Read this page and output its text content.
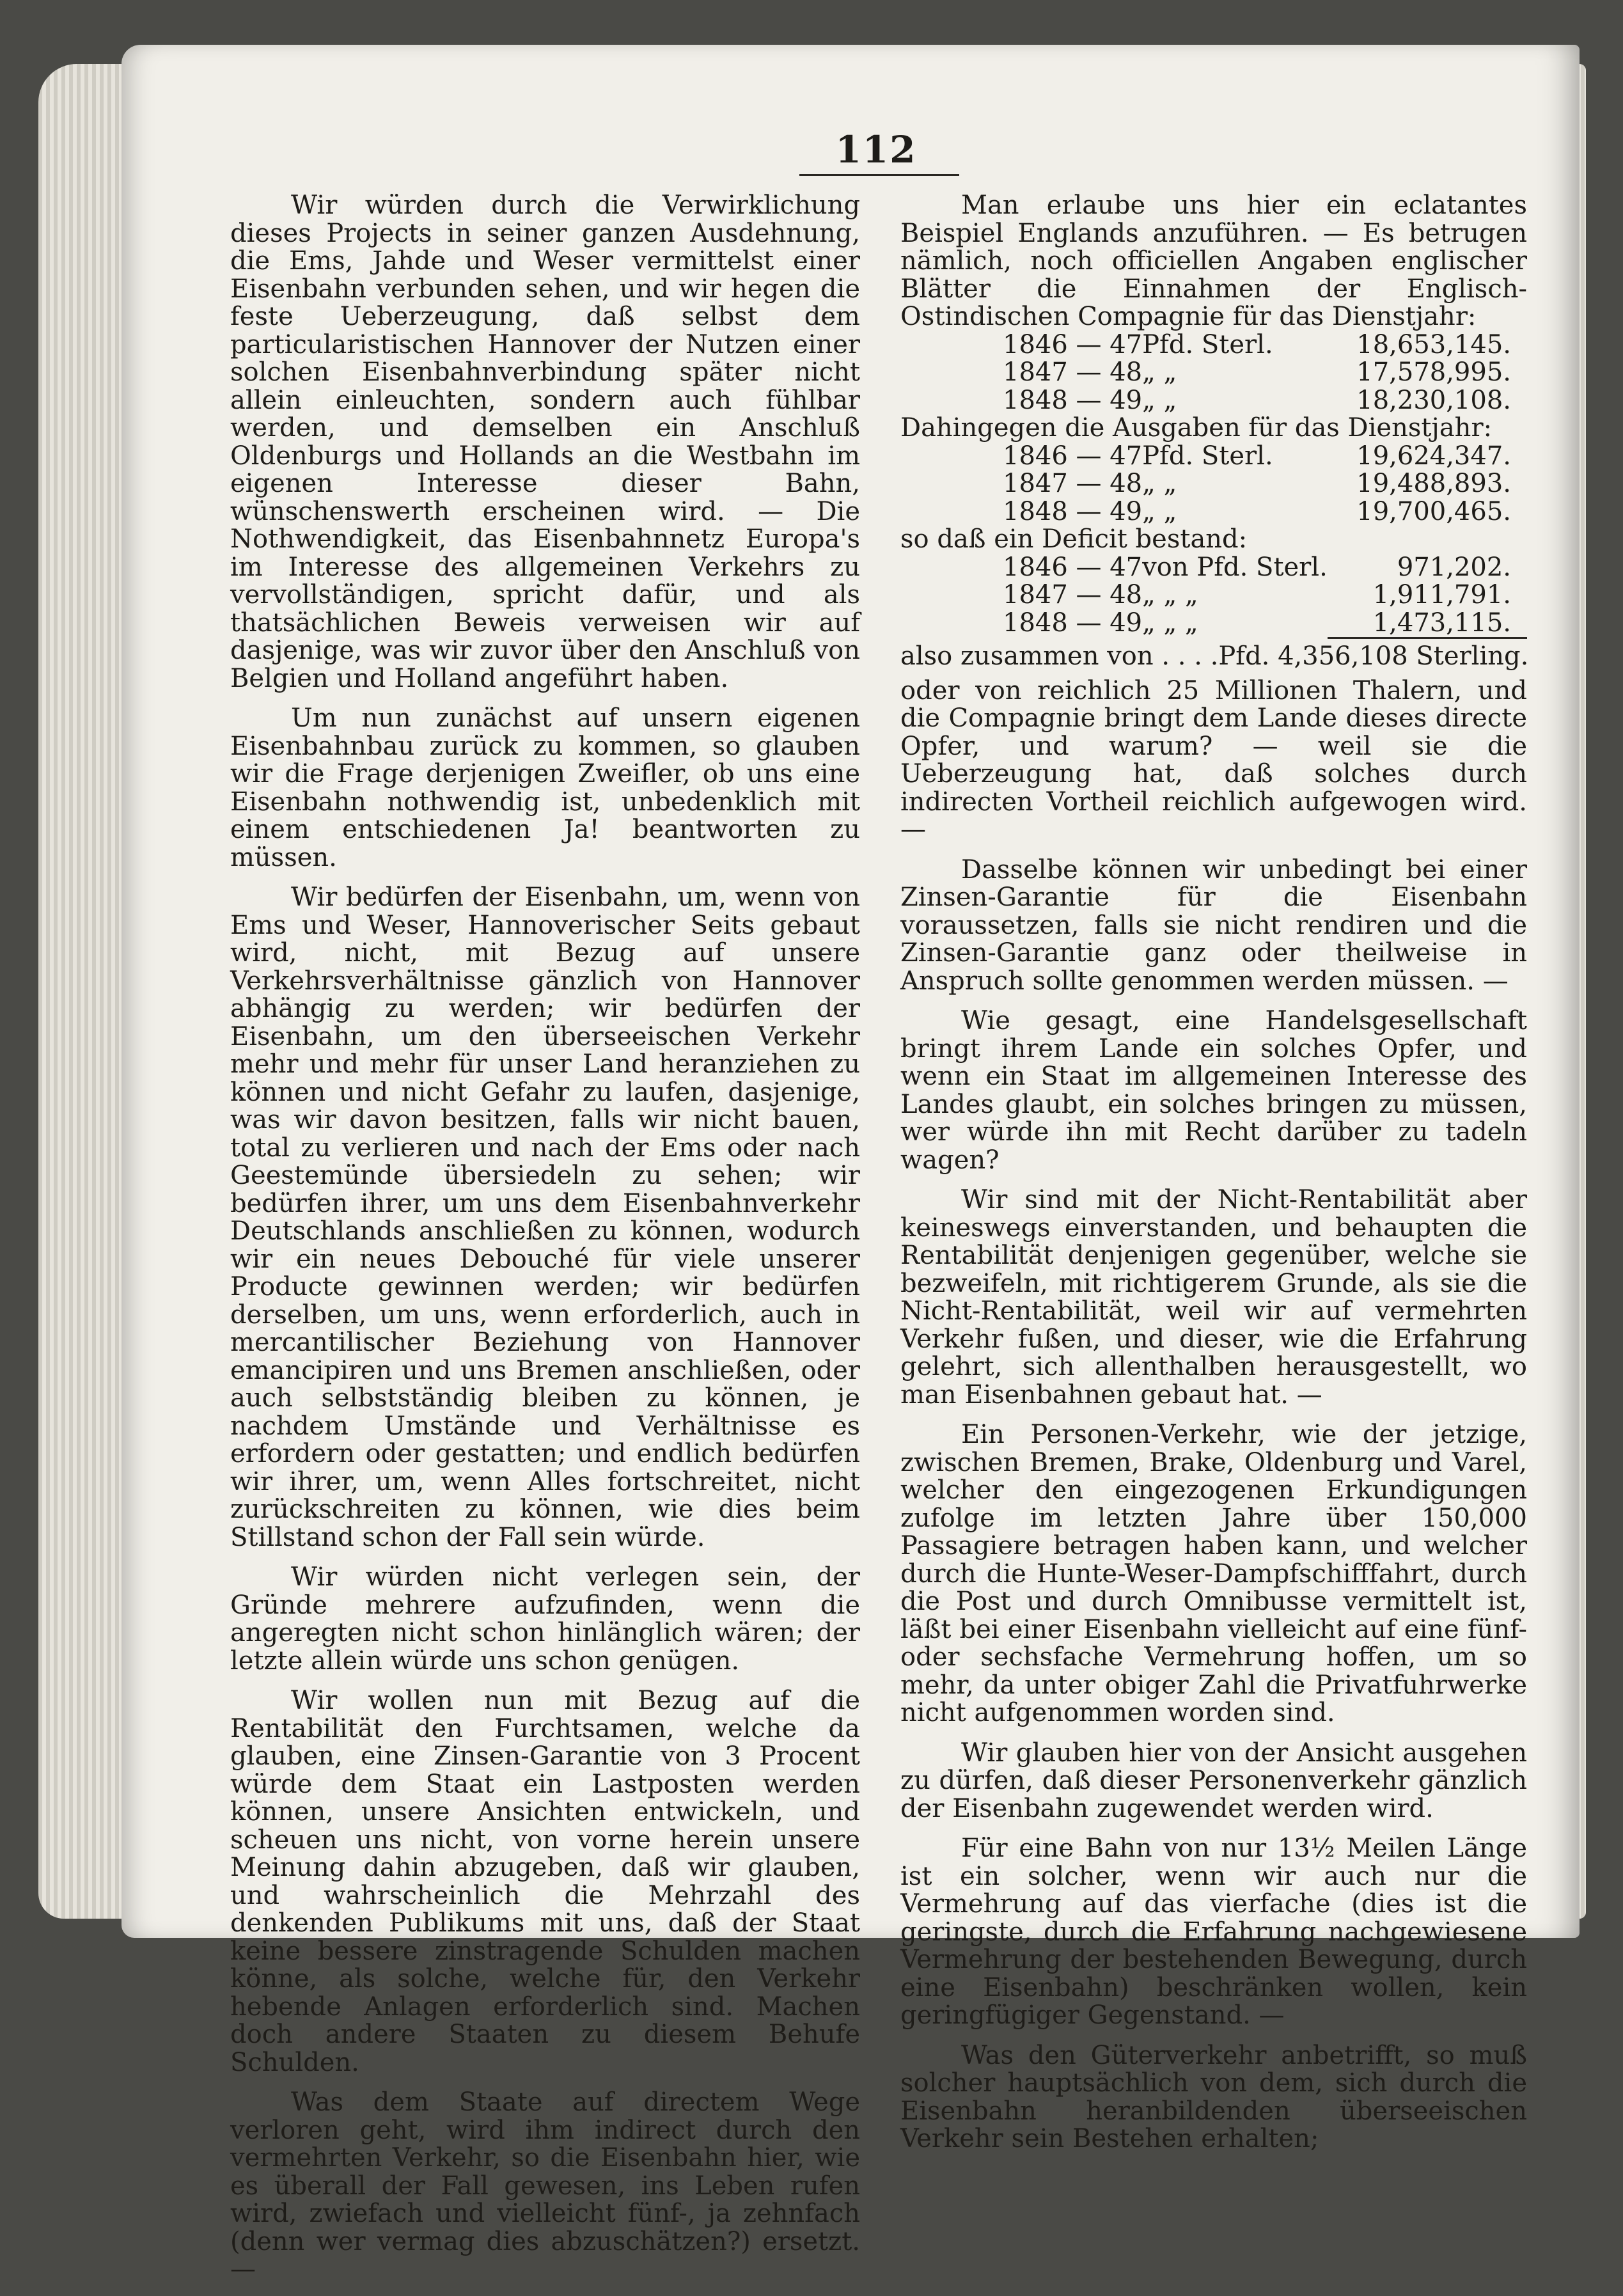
112

Wir würden durch die Verwirklichung dieses Projects in seiner ganzen Ausdehnung, die Ems, Jahde und Weser vermittelst einer Eisenbahn verbunden sehen, und wir hegen die feste Ueberzeugung, daß selbst dem particularistischen Hannover der Nutzen einer solchen Eisenbahnverbindung später nicht allein einleuchten, sondern auch fühlbar werden, und demselben ein Anschluß Oldenburgs und Hollands an die Westbahn im eigenen Interesse dieser Bahn, wünschenswerth erscheinen wird. — Die Nothwendigkeit, das Eisenbahnnetz Europa's im Interesse des allgemeinen Verkehrs zu vervollständigen, spricht dafür, und als thatsächlichen Beweis verweisen wir auf dasjenige, was wir zuvor über den Anschluß von Belgien und Holland angeführt haben.

Um nun zunächst auf unsern eigenen Eisenbahnbau zurück zu kommen, so glauben wir die Frage derjenigen Zweifler, ob uns eine Eisenbahn nothwendig ist, unbedenklich mit einem entschiedenen Ja! beantworten zu müssen.

Wir bedürfen der Eisenbahn, um, wenn von Ems und Weser, Hannoverischer Seits gebaut wird, nicht, mit Bezug auf unsere Verkehrsverhältnisse gänzlich von Hannover abhängig zu werden; wir bedürfen der Eisenbahn, um den überseeischen Verkehr mehr und mehr für unser Land heranziehen zu können und nicht Gefahr zu laufen, dasjenige, was wir davon besitzen, falls wir nicht bauen, total zu verlieren und nach der Ems oder nach Geestemünde übersiedeln zu sehen; wir bedürfen ihrer, um uns dem Eisenbahnverkehr Deutschlands anschließen zu können, wodurch wir ein neues Debouché für viele unserer Producte gewinnen werden; wir bedürfen derselben, um uns, wenn erforderlich, auch in mercantilischer Beziehung von Hannover emancipiren und uns Bremen anschließen, oder auch selbstständig bleiben zu können, je nachdem Umstände und Verhältnisse es erfordern oder gestatten; und endlich bedürfen wir ihrer, um, wenn Alles fortschreitet, nicht zurückschreiten zu können, wie dies beim Stillstand schon der Fall sein würde.

Wir würden nicht verlegen sein, der Gründe mehrere aufzufinden, wenn die angeregten nicht schon hinlänglich wären; der letzte allein würde uns schon genügen.

Wir wollen nun mit Bezug auf die Rentabilität den Furchtsamen, welche da glauben, eine Zinsen-Garantie von 3 Procent würde dem Staat ein Lastposten werden können, unsere Ansichten entwickeln, und scheuen uns nicht, von vorne herein unsere Meinung dahin abzugeben, daß wir glauben, und wahrscheinlich die Mehrzahl des denkenden Publikums mit uns, daß der Staat keine bessere zinstragende Schulden machen könne, als solche, welche für, den Verkehr hebende Anlagen erforderlich sind. Machen doch andere Staaten zu diesem Behufe Schulden.

Was dem Staate auf directem Wege verloren geht, wird ihm indirect durch den vermehrten Verkehr, so die Eisenbahn hier, wie es überall der Fall gewesen, ins Leben rufen wird, zwiefach und vielleicht fünf-, ja zehnfach (denn wer vermag dies abzuschätzen?) ersetzt. —

Man erlaube uns hier ein eclatantes Beispiel Englands anzuführen. — Es betrugen nämlich, noch officiellen Angaben englischer Blätter die Einnahmen der Englisch-Ostindischen Compagnie für das Dienstjahr:

1846 — 47	Pfd. Sterl.	18,653,145.
1847 — 48	„ „	17,578,995.
1848 — 49	„ „	18,230,108.

Dahingegen die Ausgaben für das Dienstjahr:

1846 — 47	Pfd. Sterl.	19,624,347.
1847 — 48	„ „	19,488,893.
1848 — 49	„ „	19,700,465.

so daß ein Deficit bestand:

1846 — 47	von Pfd. Sterl.	971,202.
1847 — 48	„ „ „	1,911,791.
1848 — 49	„ „ „	1,473,115.
also zusammen von . . . . Pfd. 4,356,108 Sterling.

oder von reichlich 25 Millionen Thalern, und die Compagnie bringt dem Lande dieses directe Opfer, und warum? — weil sie die Ueberzeugung hat, daß solches durch indirecten Vortheil reichlich aufgewogen wird. —

Dasselbe können wir unbedingt bei einer Zinsen-Garantie für die Eisenbahn voraussetzen, falls sie nicht rendiren und die Zinsen-Garantie ganz oder theilweise in Anspruch sollte genommen werden müssen. —

Wie gesagt, eine Handelsgesellschaft bringt ihrem Lande ein solches Opfer, und wenn ein Staat im allgemeinen Interesse des Landes glaubt, ein solches bringen zu müssen, wer würde ihn mit Recht darüber zu tadeln wagen?

Wir sind mit der Nicht-Rentabilität aber keineswegs einverstanden, und behaupten die Rentabilität denjenigen gegenüber, welche sie bezweifeln, mit richtigerem Grunde, als sie die Nicht-Rentabilität, weil wir auf vermehrten Verkehr fußen, und dieser, wie die Erfahrung gelehrt, sich allenthalben herausgestellt, wo man Eisenbahnen gebaut hat. —

Ein Personen-Verkehr, wie der jetzige, zwischen Bremen, Brake, Oldenburg und Varel, welcher den eingezogenen Erkundigungen zufolge im letzten Jahre über 150,000 Passagiere betragen haben kann, und welcher durch die Hunte-Weser-Dampfschifffahrt, durch die Post und durch Omnibusse vermittelt ist, läßt bei einer Eisenbahn vielleicht auf eine fünf- oder sechsfache Vermehrung hoffen, um so mehr, da unter obiger Zahl die Privatfuhrwerke nicht aufgenommen worden sind.

Wir glauben hier von der Ansicht ausgehen zu dürfen, daß dieser Personenverkehr gänzlich der Eisenbahn zugewendet werden wird.

Für eine Bahn von nur 13½ Meilen Länge ist ein solcher, wenn wir auch nur die Vermehrung auf das vierfache (dies ist die geringste, durch die Erfahrung nachgewiesene Vermehrung der bestehenden Bewegung, durch eine Eisenbahn) beschränken wollen, kein geringfügiger Gegenstand. —

Was den Güterverkehr anbetrifft, so muß solcher hauptsächlich von dem, sich durch die Eisenbahn heranbildenden überseeischen Verkehr sein Bestehen erhalten;
